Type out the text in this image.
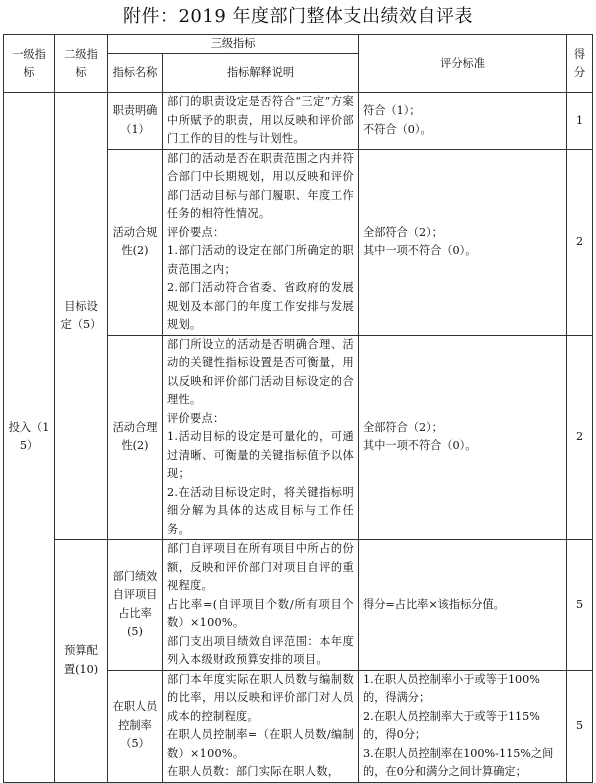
附件：2019 年度部门整体支出绩效自评表
一级指标	二级指标	三级指标		评分标准	得分
		指标名称	指标解释说明		
投入（15）	目标设定（5）	职责明确（1）	部门的职责设定是否符合“三定”方案中所赋予的职责，用以反映和评价部门工作的目的性与计划性。	符合（1）；
不符合（0）。	1
		活动合规性(2)	部门的活动是否在职责范围之内并符合部门中长期规划，用以反映和评价部门活动目标与部门履职、年度工作任务的相符性情况。
评价要点：
1.部门活动的设定在部门所确定的职责范围之内；
2.部门活动符合省委、省政府的发展规划及本部门的年度工作安排与发展规划。	全部符合（2）；
其中一项不符合（0）。	2
		活动合理性(2)	部门所设立的活动是否明确合理、活动的关键性指标设置是否可衡量，用以反映和评价部门活动目标设定的合理性。
评价要点：
1.活动目标的设定是可量化的，可通过清晰、可衡量的关键指标值予以体现；
2.在活动目标设定时，将关键指标明细分解为具体的达成目标与工作任务。	全部符合（2）；
其中一项不符合（0）。	2
	预算配置(10)	部门绩效自评项目占比率(5)	部门自评项目在所有项目中所占的份额，反映和评价部门对项目自评的重视程度。
占比率=(自评项目个数/所有项目个数）×100%。
部门支出项目绩效自评范围：本年度列入本级财政预算安排的项目。	得分=占比率×该指标分值。	5
		在职人员控制率（5）	部门本年度实际在职人员数与编制数的比率，用以反映和评价部门对人员成本的控制程度。
在职人员控制率=（在职人员数/编制数）×100%。
在职人员数：部门实际在职人数，	1.在职人员控制率小于或等于100%的，得满分；
2.在职人员控制率大于或等于115%的，得0分；
3.在职人员控制率在100%-115%之间的，在0分和满分之间计算确定；	5
